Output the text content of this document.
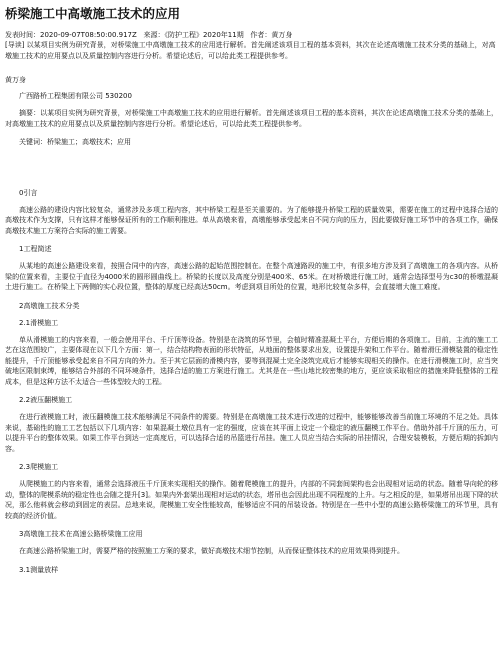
桥梁施工中高墩施工技术的应用

发表时间：2020-09-07T08:50:00.917Z 来源：《防护工程》2020年11期 作者：黄万身

[导读] 以某项目实例为研究背景，对桥梁施工中高墩施工技术的应用进行解析。首先阐述该项目工程的基本资料，其次在论述高墩施工技术分类的基础上，对高墩施工技术的应用要点以及质量控制内容进行分析。希望论述后，可以给此类工程提供参考。

黄万身

广西路桥工程集团有限公司 530200

摘要：以某项目实例为研究背景，对桥梁施工中高墩施工技术的应用进行解析。首先阐述该项目工程的基本资料，其次在论述高墩施工技术分类的基础上，对高墩施工技术的应用要点以及质量控制内容进行分析。希望论述后，可以给此类工程提供参考。

关键词：桥梁施工；高墩技术；应用

0引言

高速公路的建设内容比较复杂，通常涉及多项工程内容，其中桥梁工程是至关重要的。为了能够提升桥梁工程的质量效果，需要在施工的过程中选择合适的高墩技术作为支撑，只有这样才能够保证所有的工作顺利推进。单从高墩来看，高墩能够承受起来自不同方向的压力，因此要做好施工环节中的各项工作，确保高墩技术施工方案符合实际的施工需要。

1工程简述

从某地的高速公路建设来看，按照合同中的内容，高速公路的起始范围控制在。在整个高速路段的施工中，有很多地方涉及到了高墩施工的各项内容。从桥梁的位置来看，主要位于直径为4000米的圆形圆曲线上。桥梁的长度以及高度分别是400米、65米。在对桥墩进行施工时，通常会选择型号为c30的桥墩混凝土进行施工。在桥梁上下两侧的实心段位置，整体的厚度已经高达50cm。考虑到项目所处的位置，地形比较复杂多样，会直接增大施工难度。

2高墩施工技术分类

2.1滑模施工

单从滑模施工的内容来看，一般会使用平台、千斤顶等设备。特别是在浇筑的环节里，会植时精准混凝土平台，方便后期的各项施工。目前，主流的施工工艺在这范围较广，主要体现在以下几个方面：第一，结合结构物表面的形状特征，从地面的整体要求出发，设置提升架和工作平台。随着滑圧滑模装置的稳定性能提升，千斤顶能够承受起来自不同方向的外力。至于其它层面的滑模内容，要等到混凝土完全浇筑完成后才能够实现相关的操作。在进行滑模施工时，应当突破地区限制束缚，能够结合外部的不同环境条件，选择合适的施工方案进行施工。尤其是在一些山地比较密集的地方，更应该采取相应的措施来降低整体的工程成本，但是这种方法不太适合一些体型较大的工程。

2.2液压翻模施工

在进行液模施工时，液压翻模施工技术能够满足不同条件的需要。特别是在高墩施工技术进行改进的过程中，能够能够改善当前施工环境的不足之处。具体来说，基础性的施工工艺包括以下几项内容：如果混凝土墩位具有一定的强度，应该在其平面上设定一个稳定的液压翻模工作平台。借助外部千斤顶的压力，可以提升平台的整体效果。如果工作平台到达一定高度后，可以选择合适的吊篮进行吊挂。施工人员应当结合实际的吊挂情况，合理安装模板，方便后期的拆卸内容。

2.3爬模施工

从爬模施工的内容来看，通常会选择液压千斤顶来实现相关的操作。随着爬模施工的提升，内部的不同套间架构也会出现相对运动的状态。随着导向轮的移动，整体的爬模系统的稳定性也会随之提升[3]。如果内外套架出现相对运动的状态，塔吊也会因此出现不同程度的上升。与之相反的是，如果塔吊出现下降的状况，那么他料就会移动到固定的表层。总地来说，爬模施工安全性能较高，能够适应不同的吊装设备。特别是在一些中小型的高速公路桥梁施工的环节里，具有较高的经济价值。

3高墩施工技术在高速公路桥梁施工应用

在高速公路桥梁施工时，需要严格的按照施工方案的要求，做好高墩技术细节控制，从而保证整体技术的应用效果得到提升。

3.1测量放样
